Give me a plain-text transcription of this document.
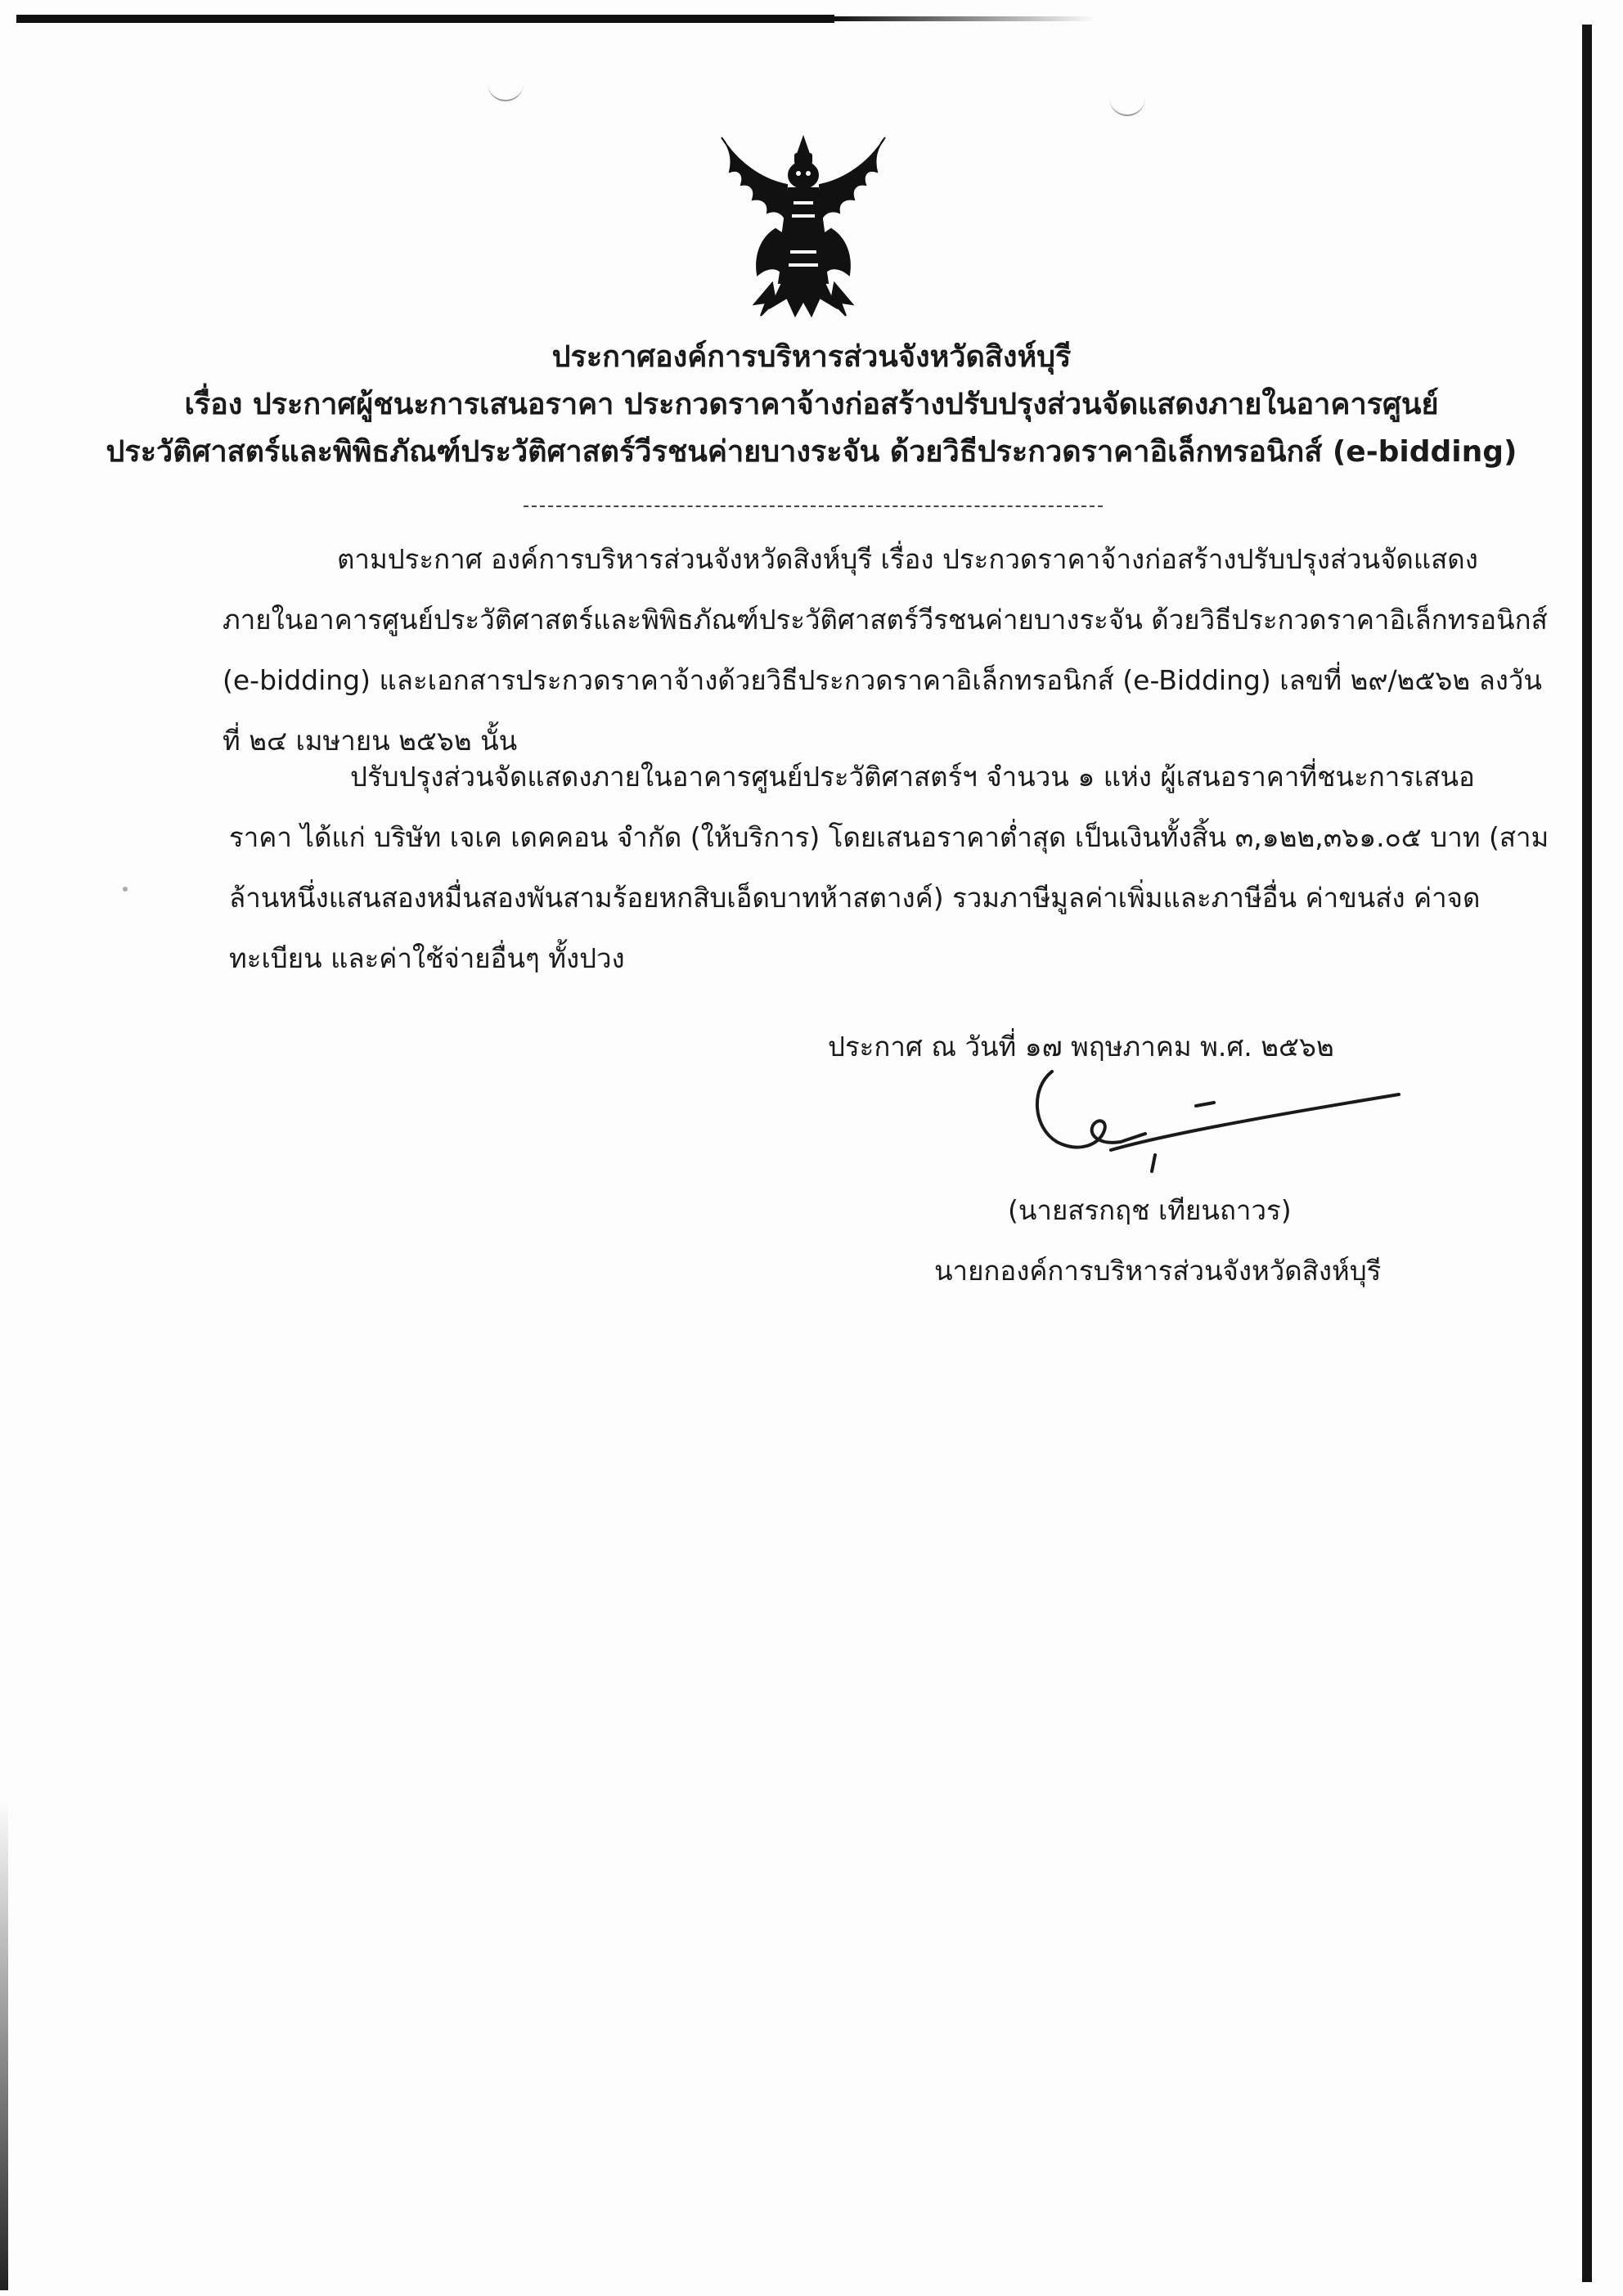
ประกาศองค์การบริหารส่วนจังหวัดสิงห์บุรี
เรื่อง ประกาศผู้ชนะการเสนอราคา ประกวดราคาจ้างก่อสร้างปรับปรุงส่วนจัดแสดงภายในอาคารศูนย์
ประวัติศาสตร์และพิพิธภัณฑ์ประวัติศาสตร์วีรชนค่ายบางระจัน ด้วยวิธีประกวดราคาอิเล็กทรอนิกส์ (e-bidding)
ตามประกาศ องค์การบริหารส่วนจังหวัดสิงห์บุรี เรื่อง ประกวดราคาจ้างก่อสร้างปรับปรุงส่วนจัดแสดง
ภายในอาคารศูนย์ประวัติศาสตร์และพิพิธภัณฑ์ประวัติศาสตร์วีรชนค่ายบางระจัน ด้วยวิธีประกวดราคาอิเล็กทรอนิกส์
(e-bidding) และเอกสารประกวดราคาจ้างด้วยวิธีประกวดราคาอิเล็กทรอนิกส์ (e-Bidding) เลขที่ ๒๙/๒๕๖๒ ลงวัน
ที่ ๒๔ เมษายน ๒๕๖๒ นั้น
ปรับปรุงส่วนจัดแสดงภายในอาคารศูนย์ประวัติศาสตร์ฯ จำนวน ๑ แห่ง ผู้เสนอราคาที่ชนะการเสนอ
ราคา ได้แก่ บริษัท เจเค เดคคอน จำกัด (ให้บริการ) โดยเสนอราคาต่ำสุด เป็นเงินทั้งสิ้น ๓,๑๒๒,๓๖๑.๐๕ บาท (สาม
ล้านหนึ่งแสนสองหมื่นสองพันสามร้อยหกสิบเอ็ดบาทห้าสตางค์) รวมภาษีมูลค่าเพิ่มและภาษีอื่น ค่าขนส่ง ค่าจด
ทะเบียน และค่าใช้จ่ายอื่นๆ ทั้งปวง
ประกาศ ณ วันที่ ๑๗ พฤษภาคม พ.ศ. ๒๕๖๒
(นายสรกฤช เทียนถาวร)
นายกองค์การบริหารส่วนจังหวัดสิงห์บุรี
